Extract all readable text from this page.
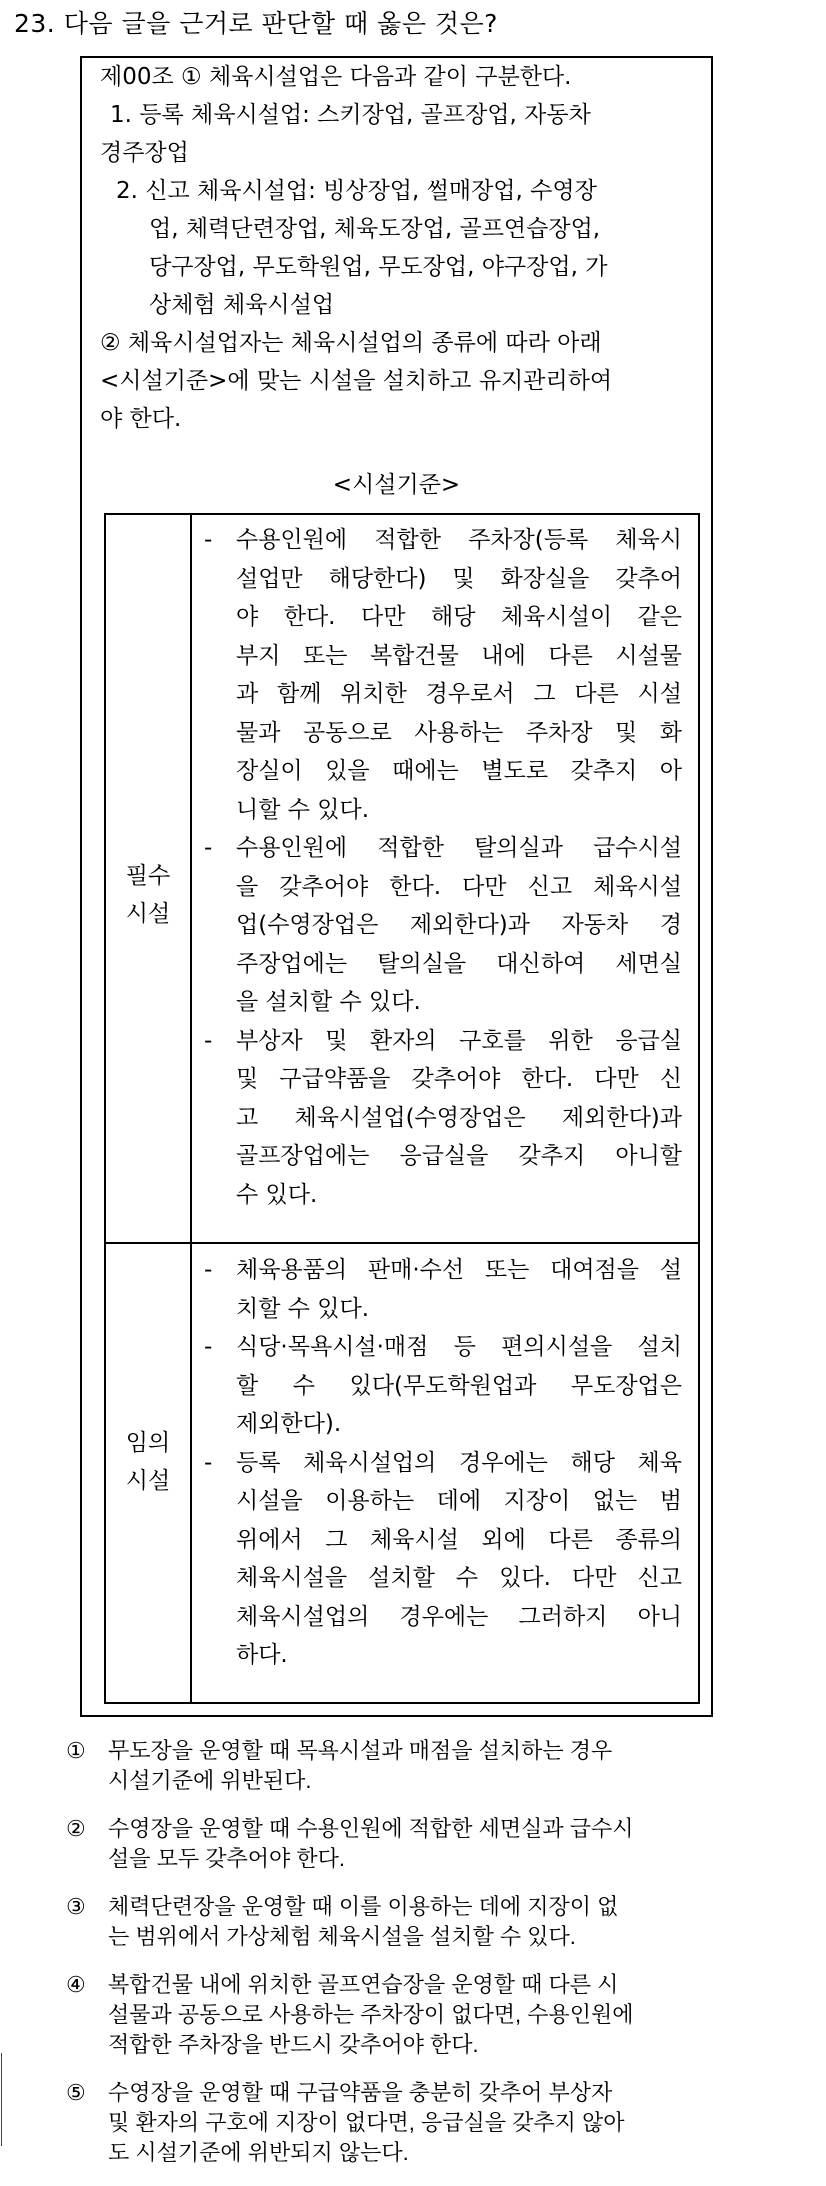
23. 다음 글을 근거로 판단할 때 옳은 것은?
제00조 ① 체육시설업은 다음과 같이 구분한다.
1. 등록 체육시설업: 스키장업, 골프장업, 자동차
경주장업
2. 신고 체육시설업: 빙상장업, 썰매장업, 수영장
업, 체력단련장업, 체육도장업, 골프연습장업,
당구장업, 무도학원업, 무도장업, 야구장업, 가
상체험 체육시설업
② 체육시설업자는 체육시설업의 종류에 따라 아래
<시설기준>에 맞는 시설을 설치하고 유지관리하여
야 한다.
<시설기준>
필수
시설
- 수용인원에 적합한 주차장(등록 체육시
설업만 해당한다) 및 화장실을 갖추어
야 한다. 다만 해당 체육시설이 같은
부지 또는 복합건물 내에 다른 시설물
과 함께 위치한 경우로서 그 다른 시설
물과 공동으로 사용하는 주차장 및 화
장실이 있을 때에는 별도로 갖추지 아
니할 수 있다.
- 수용인원에 적합한 탈의실과 급수시설
을 갖추어야 한다. 다만 신고 체육시설
업(수영장업은 제외한다)과 자동차 경
주장업에는 탈의실을 대신하여 세면실
을 설치할 수 있다.
- 부상자 및 환자의 구호를 위한 응급실
및 구급약품을 갖추어야 한다. 다만 신
고 체육시설업(수영장업은 제외한다)과
골프장업에는 응급실을 갖추지 아니할
수 있다.
임의
시설
- 체육용품의 판매·수선 또는 대여점을 설
치할 수 있다.
- 식당·목욕시설·매점 등 편의시설을 설치
할 수 있다(무도학원업과 무도장업은
제외한다).
- 등록 체육시설업의 경우에는 해당 체육
시설을 이용하는 데에 지장이 없는 범
위에서 그 체육시설 외에 다른 종류의
체육시설을 설치할 수 있다. 다만 신고
체육시설업의 경우에는 그러하지 아니
하다.
① 무도장을 운영할 때 목욕시설과 매점을 설치하는 경우
시설기준에 위반된다.
② 수영장을 운영할 때 수용인원에 적합한 세면실과 급수시
설을 모두 갖추어야 한다.
③ 체력단련장을 운영할 때 이를 이용하는 데에 지장이 없
는 범위에서 가상체험 체육시설을 설치할 수 있다.
④ 복합건물 내에 위치한 골프연습장을 운영할 때 다른 시
설물과 공동으로 사용하는 주차장이 없다면, 수용인원에
적합한 주차장을 반드시 갖추어야 한다.
⑤ 수영장을 운영할 때 구급약품을 충분히 갖추어 부상자
및 환자의 구호에 지장이 없다면, 응급실을 갖추지 않아
도 시설기준에 위반되지 않는다.
